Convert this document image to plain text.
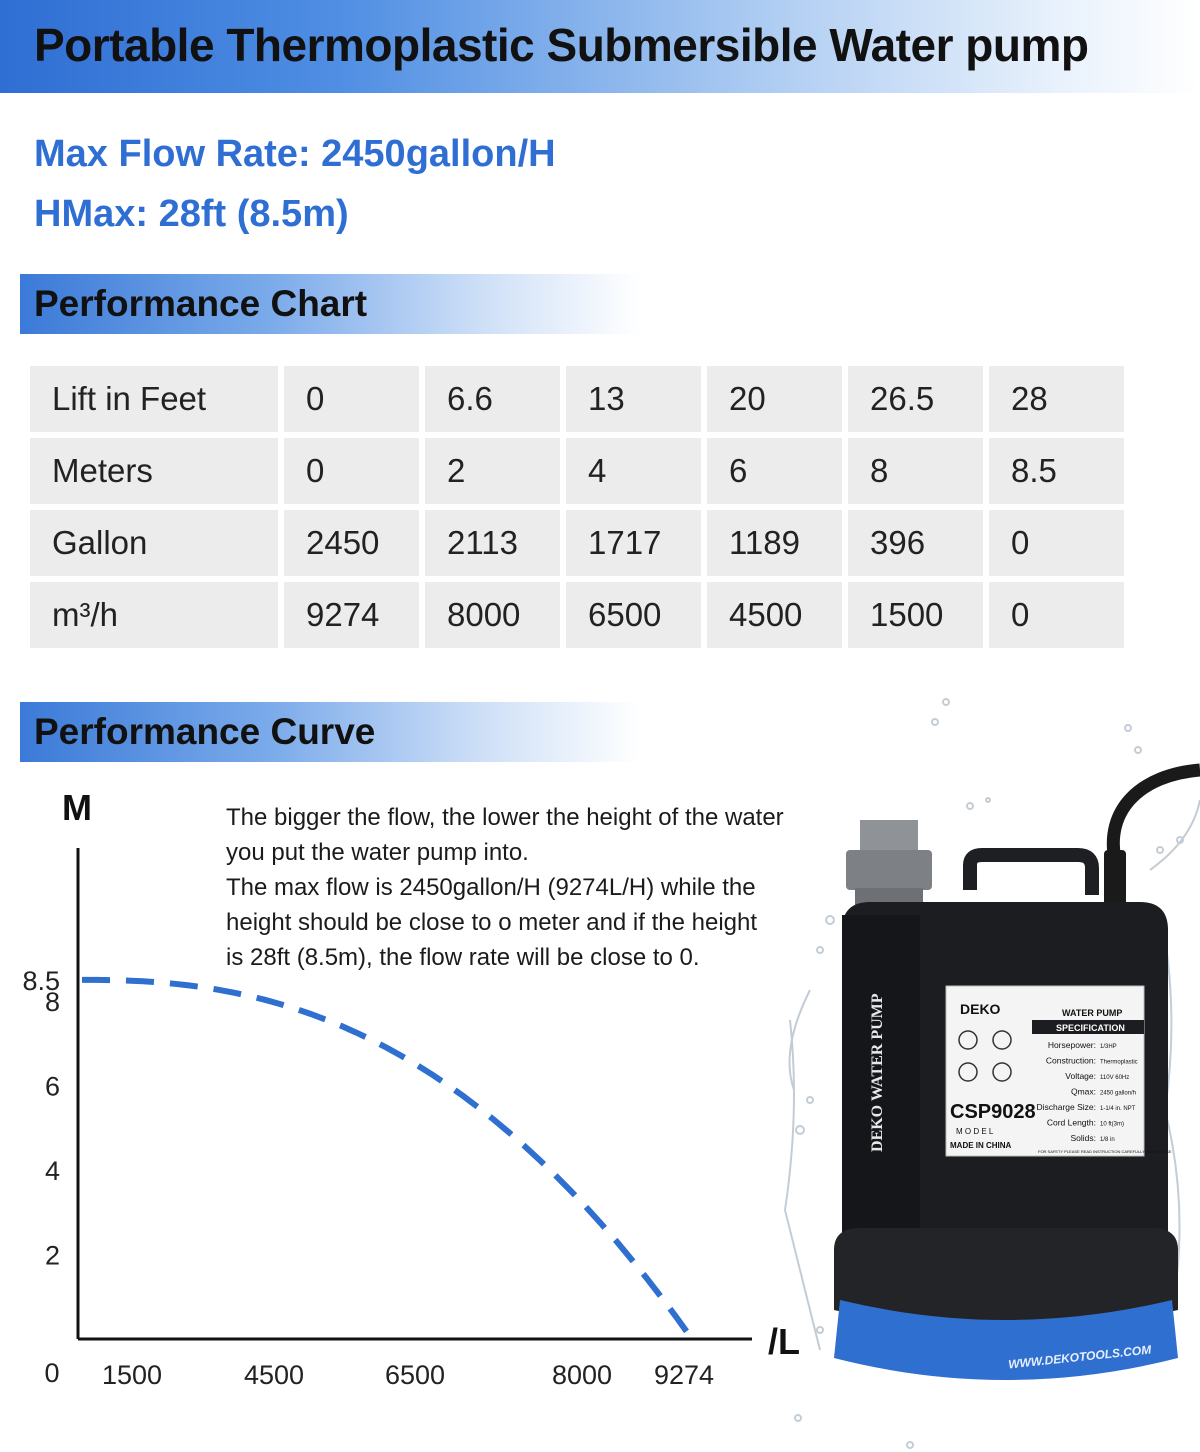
Portable Thermoplastic Submersible Water pump
Max Flow Rate: 2450gallon/H
HMax: 28ft (8.5m)
Performance Chart
Lift in Feet	0	6.6	13	20	26.5	28
Meters	0	2	4	6	8	8.5
Gallon	2450	2113	1717	1189	396	0
m³/h	9274	8000	6500	4500	1500	0
Performance Curve
M
/L
0
8.5
8
6
4
2
1500	4500	6500	8000 9274
The bigger the flow, the lower the height of the water
you put the water pump into.
The max flow is 2450gallon/H (9274L/H) while the
height should be close to o meter and if the height
is 28ft (8.5m), the flow rate will be close to 0.
DEKO WATER PUMP
WWW.DEKOTOOLS.COM
DEKO	WATER PUMP
SPECIFICATION
Horsepower: 1/3HP
Construction: Thermoplastic
Voltage: 110V 60Hz
Qmax: 2450 gallon/h
Discharge Size: 1-1/4 in. NPT
Cord Length: 10 ft(3m)
Solids: 1/8 in
CSP9028
M O D E L
MADE IN CHINA
FOR SAFETY PLEASE READ INSTRUCTION CAREFULLY BEFORE USE
